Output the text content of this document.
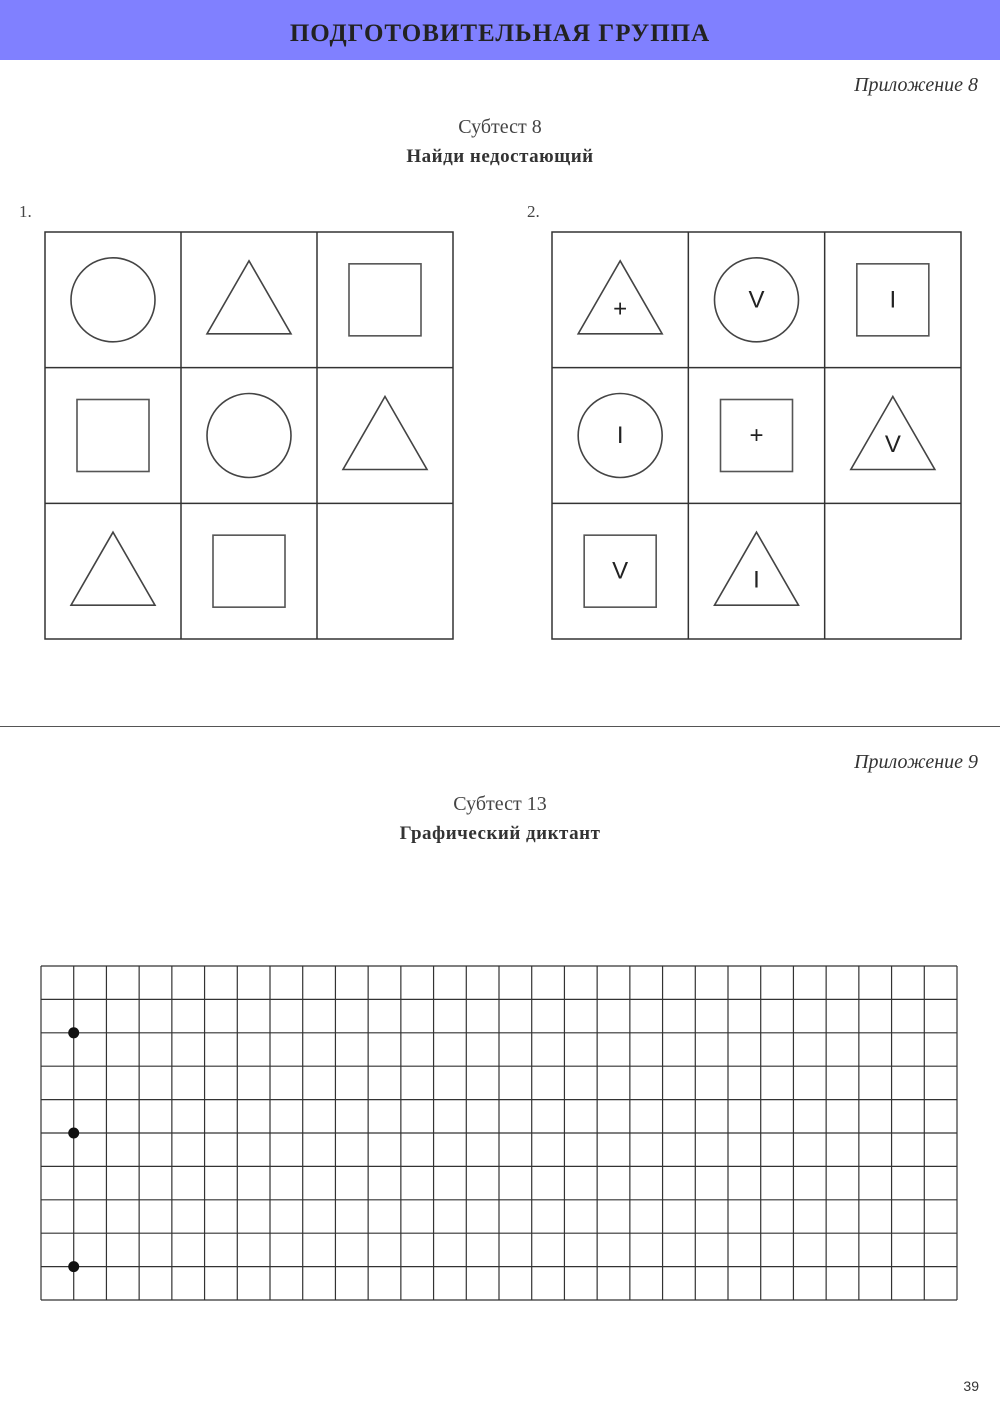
ПОДГОТОВИТЕЛЬНАЯ ГРУППА
Приложение 8
Субтест 8
Найди недостающий
1.	2.
+	V	I
I	+	V
V	I
Приложение 9
Субтест 13
Графический диктант
39
